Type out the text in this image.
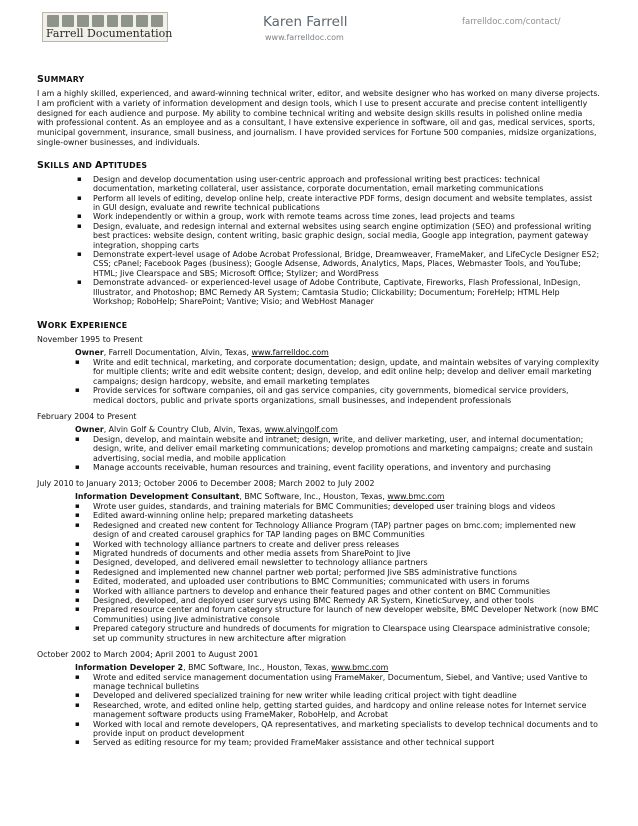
Farrell Documentation
Karen Farrell
www.farrelldoc.com
farrelldoc.com/contact/
SUMMARY

I am a highly skilled, experienced, and award-winning technical writer, editor, and website designer who has worked on many diverse projects. I am proficient with a variety of information development and design tools, which I use to present accurate and precise content intelligently designed for each audience and purpose. My ability to combine technical writing and website design skills results in polished online media with professional content. As an employee and as a consultant, I have extensive experience in software, oil and gas, medical services, sports, municipal government, insurance, small business, and journalism. I have provided services for Fortune 500 companies, midsize organizations, single-owner businesses, and individuals.

SKILLS AND APTITUDES
▪ Design and develop documentation using user-centric approach and professional writing best practices: technical documentation, marketing collateral, user assistance, corporate documentation, email marketing communications
▪ Perform all levels of editing, develop online help, create interactive PDF forms, design document and website templates, assist in GUI design, evaluate and rewrite technical publications
▪ Work independently or within a group, work with remote teams across time zones, lead projects and teams
▪ Design, evaluate, and redesign internal and external websites using search engine optimization (SEO) and professional writing best practices: website design, content writing, basic graphic design, social media, Google app integration, payment gateway integration, shopping carts
▪ Demonstrate expert-level usage of Adobe Acrobat Professional, Bridge, Dreamweaver, FrameMaker, and LifeCycle Designer ES2; CSS; cPanel; Facebook Pages (business); Google Adsense, Adwords, Analytics, Maps, Places, Webmaster Tools, and YouTube; HTML; Jive Clearspace and SBS; Microsoft Office; Stylizer; and WordPress
▪ Demonstrate advanced- or experienced-level usage of Adobe Contribute, Captivate, Fireworks, Flash Professional, InDesign, Illustrator, and Photoshop; BMC Remedy AR System; Camtasia Studio; Clickability; Documentum; ForeHelp; HTML Help Workshop; RoboHelp; SharePoint; Vantive; Visio; and WebHost Manager
WORK EXPERIENCE
November 1995 to Present
Owner, Farrell Documentation, Alvin, Texas, www.farrelldoc.com
▪ Write and edit technical, marketing, and corporate documentation; design, update, and maintain websites of varying complexity for multiple clients; write and edit website content; design, develop, and edit online help; develop and deliver email marketing campaigns; design hardcopy, website, and email marketing templates
▪ Provide services for software companies, oil and gas service companies, city governments, biomedical service providers, medical doctors, public and private sports organizations, small businesses, and independent professionals
February 2004 to Present
Owner, Alvin Golf & Country Club, Alvin, Texas, www.alvingolf.com
▪ Design, develop, and maintain website and intranet; design, write, and deliver marketing, user, and internal documentation; design, write, and deliver email marketing communications; develop promotions and marketing campaigns; create and sustain advertising, social media, and mobile application
▪ Manage accounts receivable, human resources and training, event facility operations, and inventory and purchasing
July 2010 to January 2013; October 2006 to December 2008; March 2002 to July 2002
Information Development Consultant, BMC Software, Inc., Houston, Texas, www.bmc.com
▪ Wrote user guides, standards, and training materials for BMC Communities; developed user training blogs and videos
▪ Edited award-winning online help; prepared marketing datasheets
▪ Redesigned and created new content for Technology Alliance Program (TAP) partner pages on bmc.com; implemented new design of and created carousel graphics for TAP landing pages on BMC Communities
▪ Worked with technology alliance partners to create and deliver press releases
▪ Migrated hundreds of documents and other media assets from SharePoint to Jive
▪ Designed, developed, and delivered email newsletter to technology alliance partners
▪ Redesigned and implemented new channel partner web portal; performed Jive SBS administrative functions
▪ Edited, moderated, and uploaded user contributions to BMC Communities; communicated with users in forums
▪ Worked with alliance partners to develop and enhance their featured pages and other content on BMC Communities
▪ Designed, developed, and deployed user surveys using BMC Remedy AR System, KineticSurvey, and other tools
▪ Prepared resource center and forum category structure for launch of new developer website, BMC Developer Network (now BMC Communities) using Jive administrative console
▪ Prepared category structure and hundreds of documents for migration to Clearspace using Clearspace administrative console; set up community structures in new architecture after migration
October 2002 to March 2004; April 2001 to August 2001
Information Developer 2, BMC Software, Inc., Houston, Texas, www.bmc.com
▪ Wrote and edited service management documentation using FrameMaker, Documentum, Siebel, and Vantive; used Vantive to manage technical bulletins
▪ Developed and delivered specialized training for new writer while leading critical project with tight deadline
▪ Researched, wrote, and edited online help, getting started guides, and hardcopy and online release notes for Internet service management software products using FrameMaker, RoboHelp, and Acrobat
▪ Worked with local and remote developers, QA representatives, and marketing specialists to develop technical documents and to provide input on product development
▪ Served as editing resource for my team; provided FrameMaker assistance and other technical support
